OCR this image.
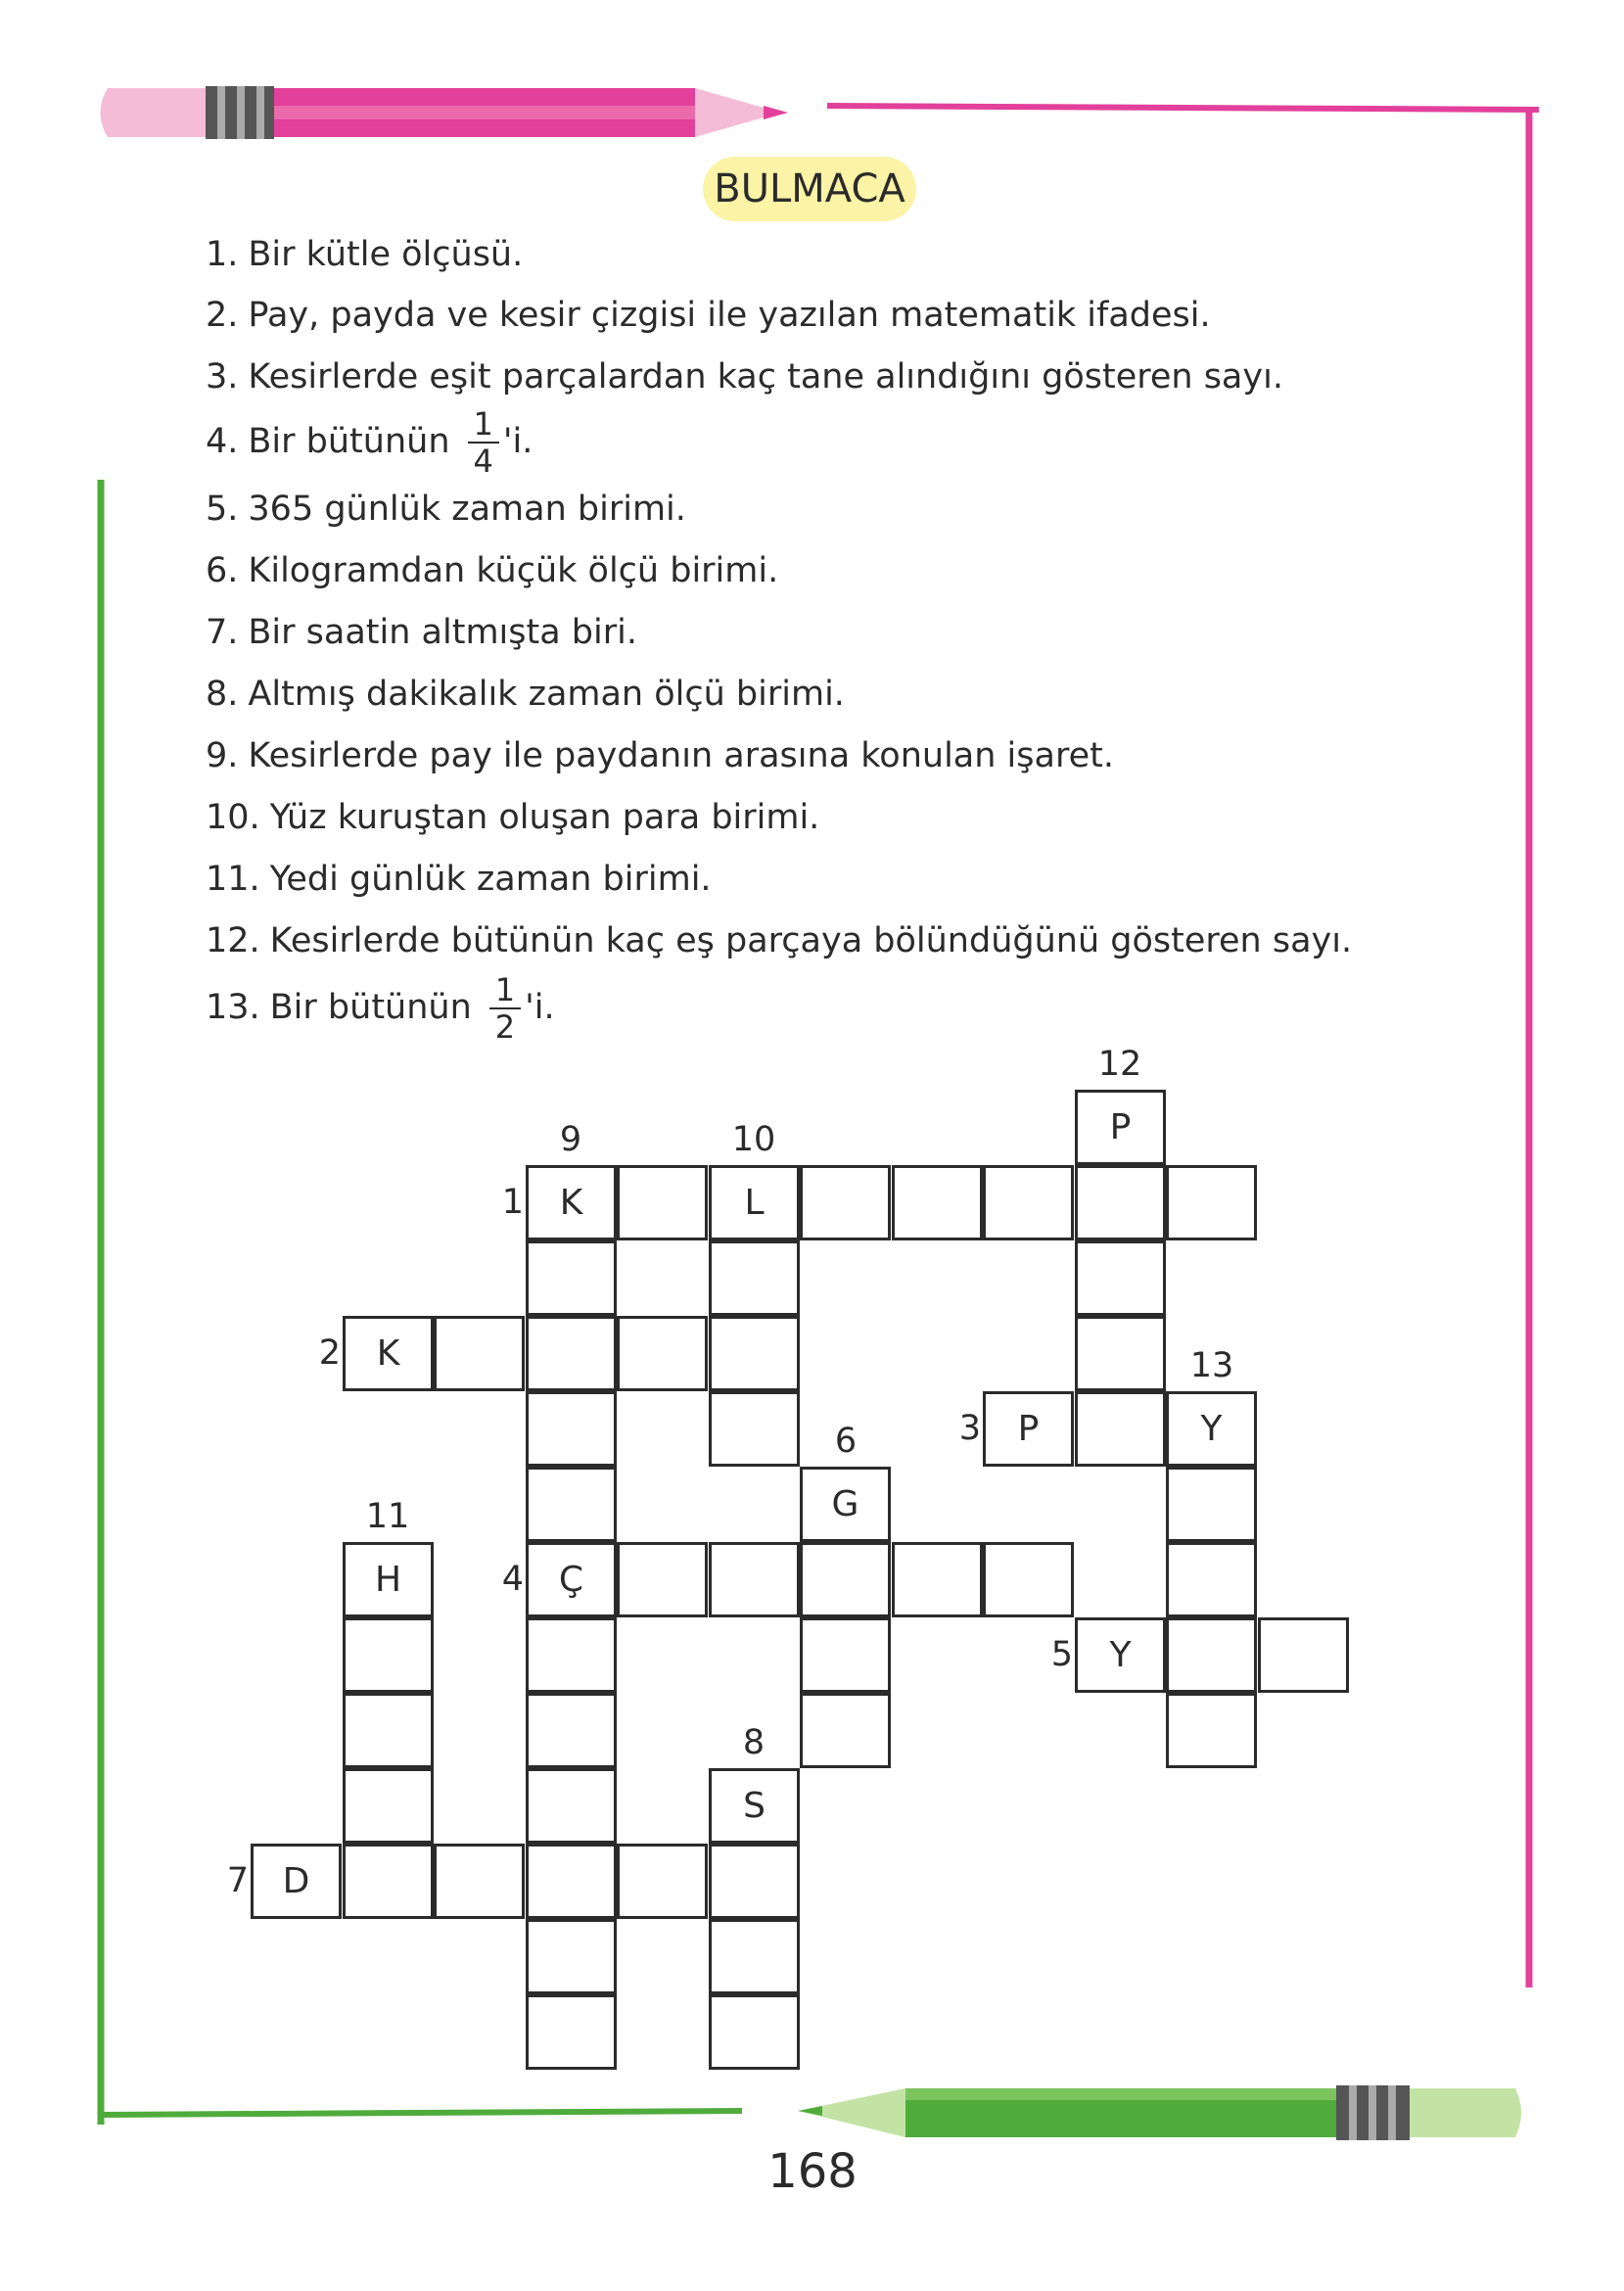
BULMACA
1. Bir kütle ölçüsü.
2. Pay, payda ve kesir çizgisi ile yazılan matematik ifadesi.
3. Kesirlerde eşit parçalardan kaç tane alındığını gösteren sayı.
4. Bir bütünün $\frac{1}{4}$ 'i.
5. 365 günlük zaman birimi.
6. Kilogramdan küçük ölçü birimi.
7. Bir saatin altmışta biri.
8. Altmış dakikalık zaman ölçü birimi.
9. Kesirlerde pay ile paydanın arasına konulan işaret.
10. Yüz kuruştan oluşan para birimi.
11. Yedi günlük zaman birimi.
12. Kesirlerde bütünün kaç eş parçaya bölündüğünü gösteren sayı.
13. Bir bütünün $\frac{1}{2}$ 'i.
K	L
K
P	Y
Ç
Y
D
G
S
H
P
1
2
3
4
5
7
6
8
9	10
11
12
13
168
